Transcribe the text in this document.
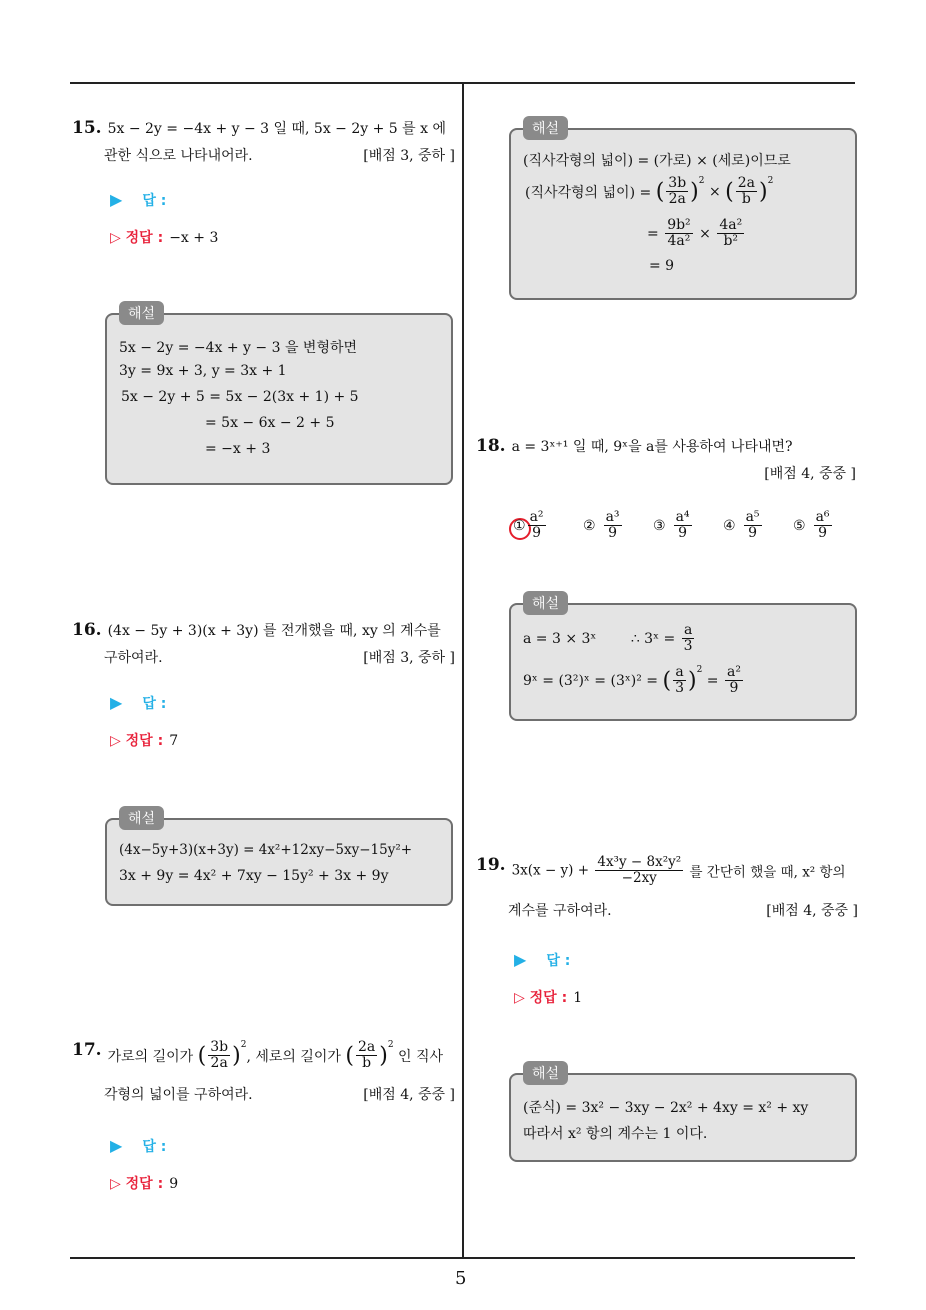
5
15. 5x − 2y = −4x + y − 3 일 때, 5x − 2y + 5 를 x 에
관한 식으로 나타내어라.	[배점 3, 중하 ]
▶ 답 :
▷ 정답 : −x + 3
해설
5x − 2y = −4x + y − 3 을 변형하면
3y = 9x + 3, y = 3x + 1
5x − 2y + 5 = 5x − 2(3x + 1) + 5
= 5x − 6x − 2 + 5
= −x + 3
16. (4x − 5y + 3)(x + 3y) 를 전개했을 때, xy 의 계수를
구하여라.	[배점 3, 중하 ]
▶ 답 :
▷ 정답 : 7
해설
(4x−5y+3)(x+3y) = 4x²+12xy−5xy−15y²+
3x + 9y = 4x² + 7xy − 15y² + 3x + 9y
17. 가로의 길이가 ( $\frac{3b}{2a} )^2$, 세로의 길이가 ( $\frac{2a}{b} )^2$ 인 직사
각형의 넓이를 구하여라.	[배점 4, 중중 ]
▶ 답 :
▷ 정답 : 9
해설
(직사각형의 넓이) = (가로) × (세로)이므로
(직사각형의 넓이) = ( $\frac{3b}{2a} )^2$ × ( $\frac{2a}{b} )^2$
= $\frac{\text{9b²}}{\text{4a²}} \times \frac{\text{4a²}}{\text{b²}}$
= 9
18. a = 3ˣ⁺¹ 일 때, 9ˣ을 a를 사용하여 나타내면?

[배점 4, 중중 ]
① $\frac{\text{a²}}{9}$	② $\frac{\text{a³}}{9}$ ③ $\frac{\text{a⁴}}{9}$ ④ $\frac{\text{a⁵}}{9}$ ⑤ $\frac{\text{a⁶}}{9}$
해설
a = 3 × 3ˣ ∴ 3ˣ = $\frac{a}{3}$
9ˣ = (3²)ˣ = (3ˣ)² = ( $\frac{a}{3} )^2 = \frac{\text{a²}}{9}$
19. $3x(x - y) + \frac{\text{4x³y − 8x²y²}}{-2xy}$ 를 간단히 했을 때, x² 항의
계수를 구하여라.	[배점 4, 중중 ]
▶ 답 :
▷ 정답 : 1
해설
(준식) = 3x² − 3xy − 2x² + 4xy = x² + xy
따라서 x² 항의 계수는 1 이다.
